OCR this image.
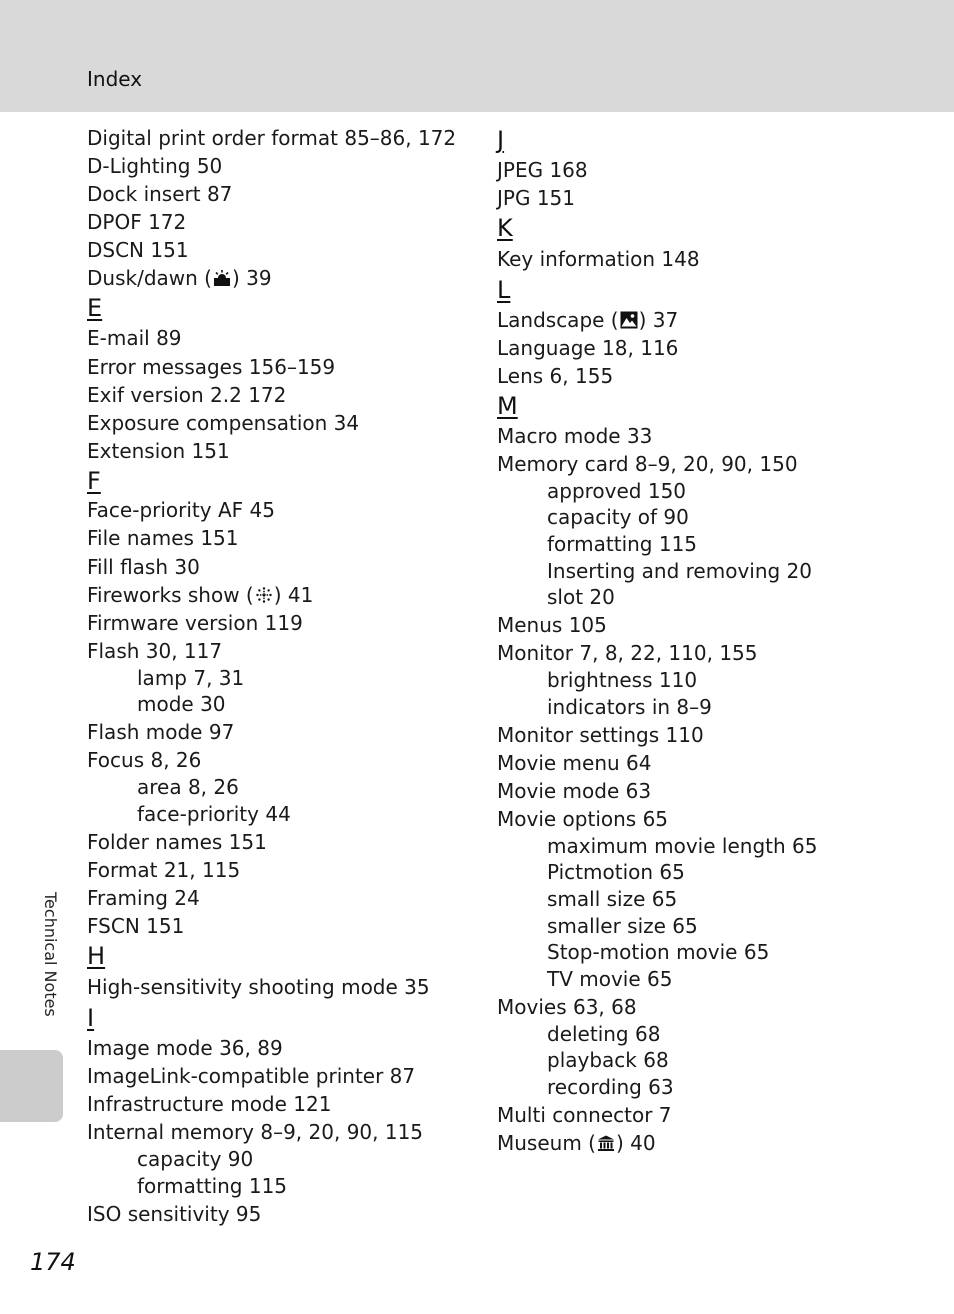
Index
Digital print order format 85–86, 172
D-Lighting 50
Dock insert 87
DPOF 172
DSCN 151
Dusk/dawn ( ) 39
E
E-mail 89
Error messages 156–159
Exif version 2.2 172
Exposure compensation 34
Extension 151
F
Face-priority AF 45
File names 151
Fill flash 30
Fireworks show ( ) 41
Firmware version 119
Flash 30, 117
lamp 7, 31
mode 30
Flash mode 97
Focus 8, 26
area 8, 26
face-priority 44
Folder names 151
Format 21, 115
Framing 24
FSCN 151
H
High-sensitivity shooting mode 35
I
Image mode 36, 89
ImageLink-compatible printer 87
Infrastructure mode 121
Internal memory 8–9, 20, 90, 115
capacity 90
formatting 115
ISO sensitivity 95
J
JPEG 168
JPG 151
K
Key information 148
L
Landscape ( ) 37
Language 18, 116
Lens 6, 155
M
Macro mode 33
Memory card 8–9, 20, 90, 150
approved 150
capacity of 90
formatting 115
Inserting and removing 20
slot 20
Menus 105
Monitor 7, 8, 22, 110, 155
brightness 110
indicators in 8–9
Monitor settings 110
Movie menu 64
Movie mode 63
Movie options 65
maximum movie length 65
Pictmotion 65
small size 65
smaller size 65
Stop-motion movie 65
TV movie 65
Movies 63, 68
deleting 68
playback 68
recording 63
Multi connector 7
Museum ( ) 40
Technical Notes
174
